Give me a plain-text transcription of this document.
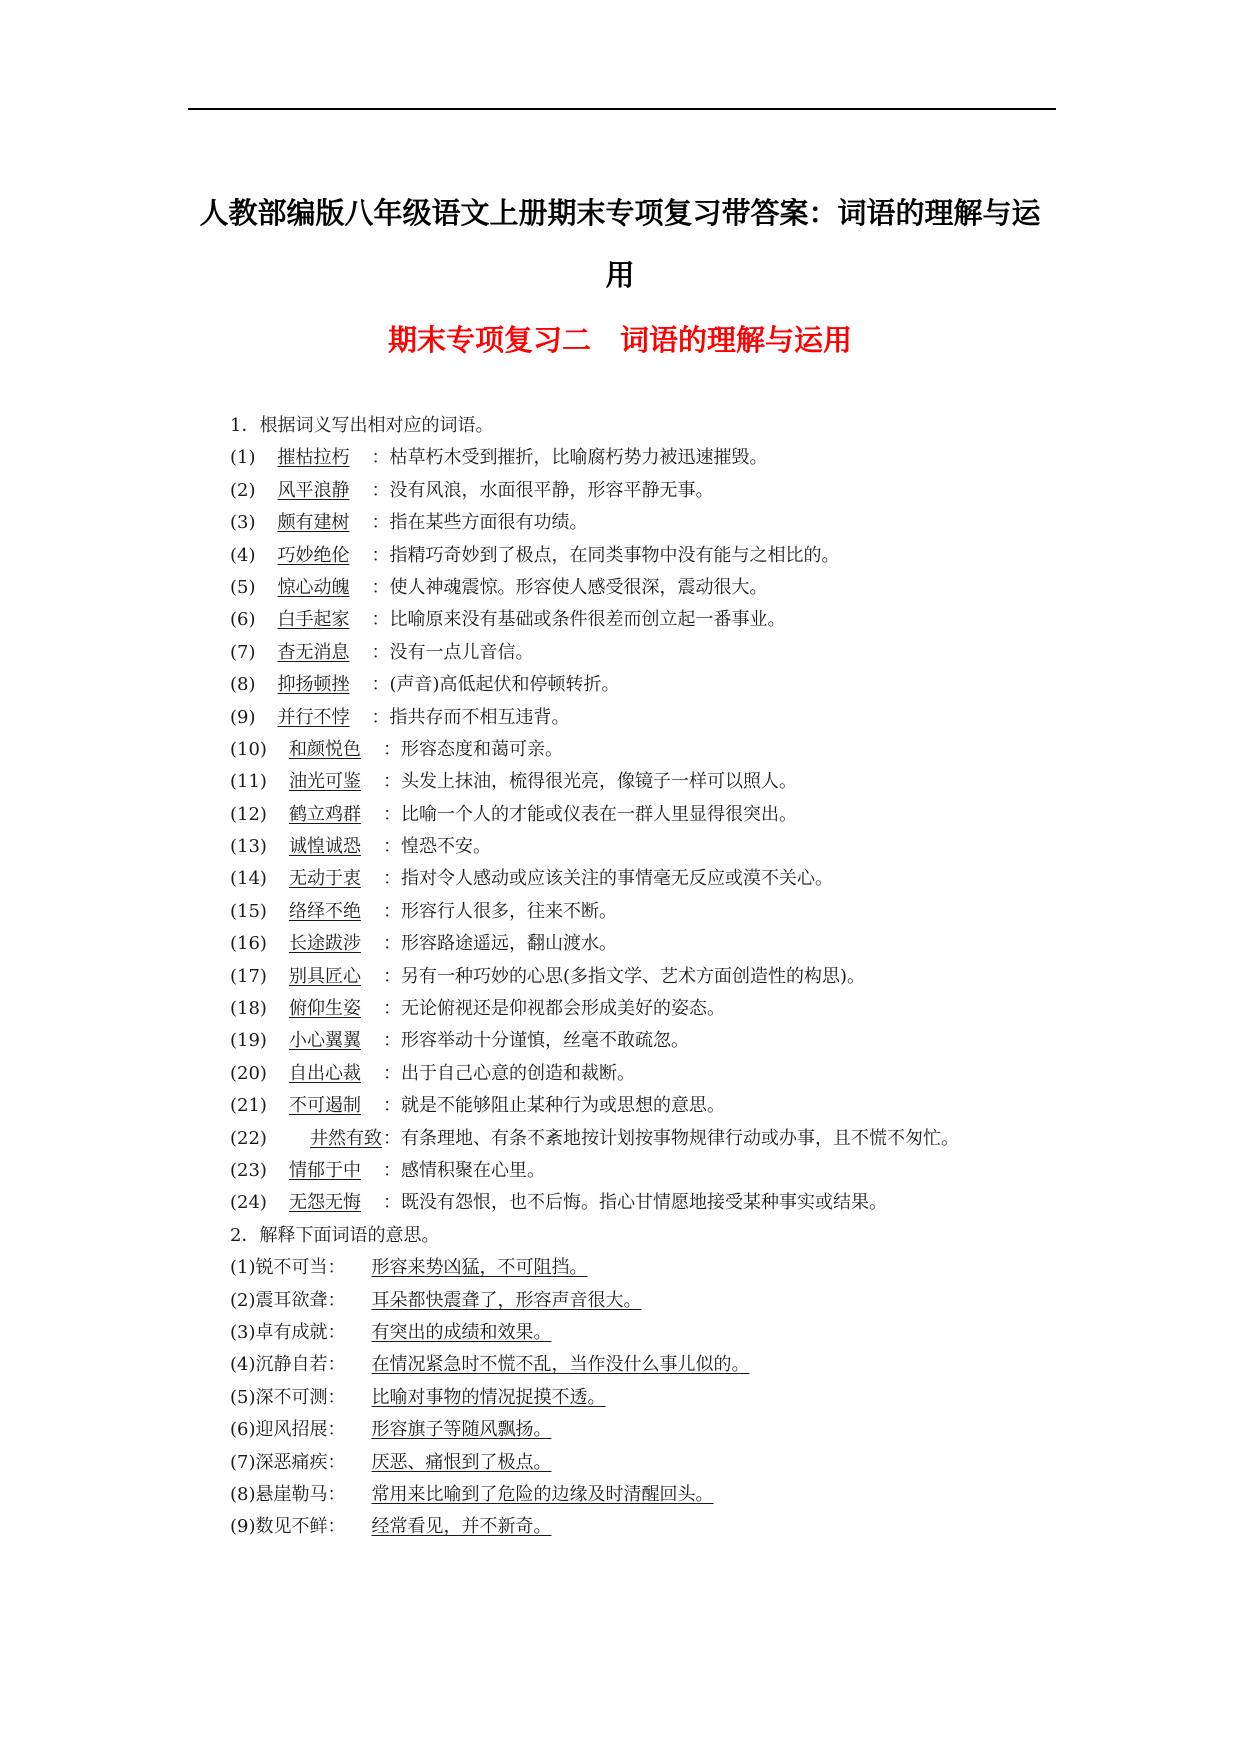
人教部编版八年级语文上册期末专项复习带答案：词语的理解与运
用
期末专项复习二　词语的理解与运用
1．根据词义写出相对应的词语。
(1) 摧枯拉朽 ：枯草朽木受到摧折，比喻腐朽势力被迅速摧毁。
(2) 风平浪静 ：没有风浪，水面很平静，形容平静无事。
(3) 颇有建树 ：指在某些方面很有功绩。
(4) 巧妙绝伦 ：指精巧奇妙到了极点，在同类事物中没有能与之相比的。
(5) 惊心动魄 ：使人神魂震惊。形容使人感受很深，震动很大。
(6) 白手起家 ：比喻原来没有基础或条件很差而创立起一番事业。
(7) 杳无消息 ：没有一点儿音信。
(8) 抑扬顿挫 ：(声音)高低起伏和停顿转折。
(9) 并行不悖 ：指共存而不相互违背。
(10) 和颜悦色 ：形容态度和蔼可亲。
(11) 油光可鉴 ：头发上抹油，梳得很光亮，像镜子一样可以照人。
(12) 鹤立鸡群 ：比喻一个人的才能或仪表在一群人里显得很突出。
(13) 诚惶诚恐 ：惶恐不安。
(14) 无动于衷 ：指对令人感动或应该关注的事情毫无反应或漠不关心。
(15) 络绎不绝 ：形容行人很多，往来不断。
(16) 长途跋涉 ：形容路途遥远，翻山渡水。
(17) 别具匠心 ：另有一种巧妙的心思(多指文学、艺术方面创造性的构思)。
(18) 俯仰生姿 ：无论俯视还是仰视都会形成美好的姿态。
(19) 小心翼翼 ：形容举动十分谨慎，丝毫不敢疏忽。
(20) 自出心裁 ：出于自己心意的创造和裁断。
(21) 不可遏制 ：就是不能够阻止某种行为或思想的意思。
(22) 井然有致：有条理地、有条不紊地按计划按事物规律行动或办事，且不慌不匆忙。
(23) 情郁于中 ：感情积聚在心里。
(24) 无怨无悔 ：既没有怨恨，也不后悔。指心甘情愿地接受某种事实或结果。
2．解释下面词语的意思。
(1)锐不可当： 形容来势凶猛，不可阻挡。
(2)震耳欲聋： 耳朵都快震聋了，形容声音很大。
(3)卓有成就： 有突出的成绩和效果。
(4)沉静自若： 在情况紧急时不慌不乱，当作没什么事儿似的。
(5)深不可测： 比喻对事物的情况捉摸不透。
(6)迎风招展： 形容旗子等随风飘扬。
(7)深恶痛疾： 厌恶、痛恨到了极点。
(8)悬崖勒马： 常用来比喻到了危险的边缘及时清醒回头。
(9)数见不鲜： 经常看见，并不新奇。
